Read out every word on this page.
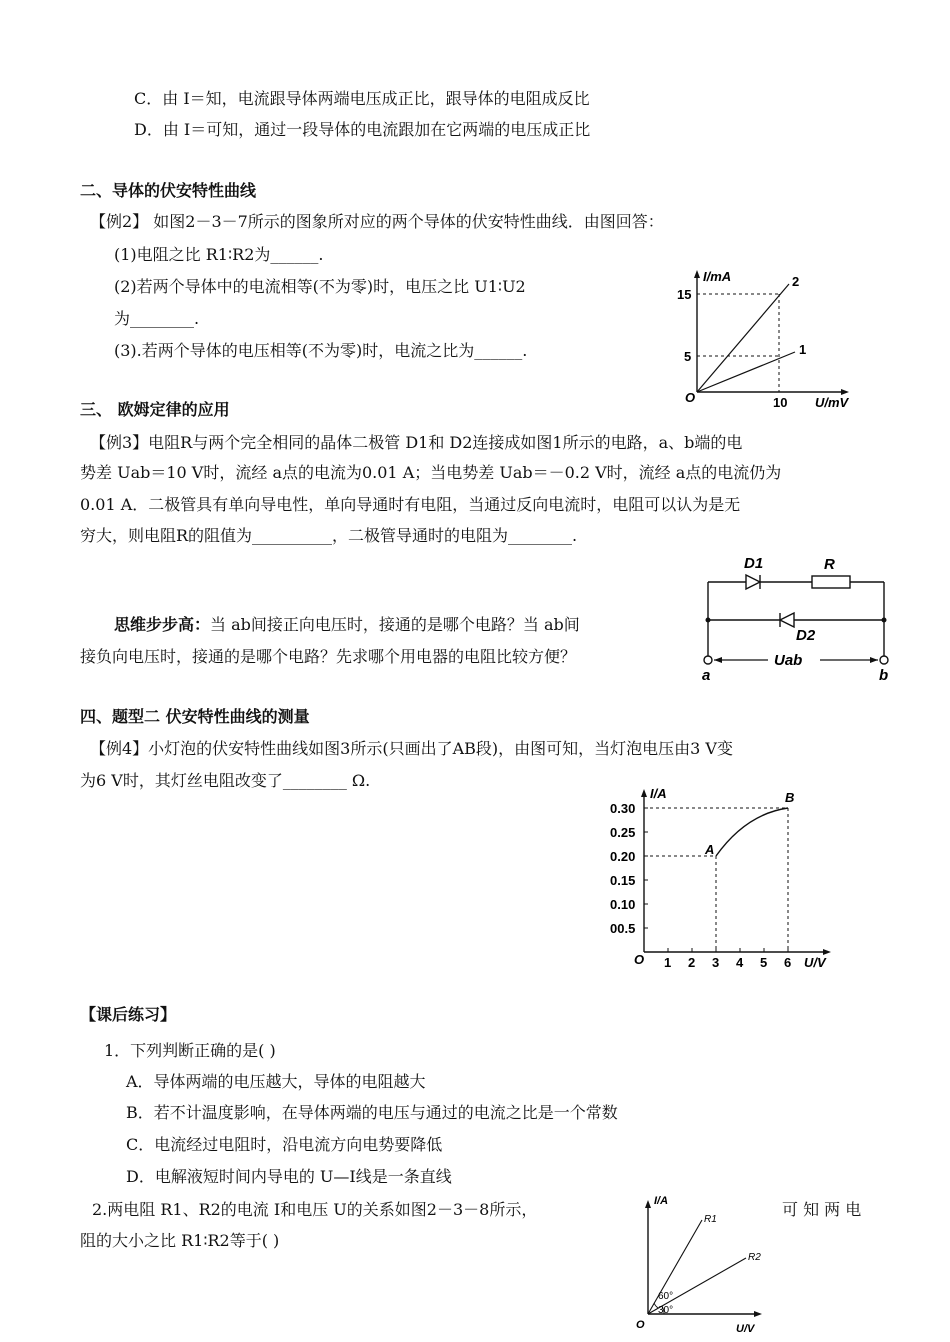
C．由 I＝知，电流跟导体两端电压成正比，跟导体的电阻成反比
D．由 I＝可知，通过一段导体的电流跟加在它两端的电压成正比
二、导体的伏安特性曲线
【例2】 如图2－3－7所示的图象所对应的两个导体的伏安特性曲线．由图回答：
(1)电阻之比 R1∶R2为______.
(2)若两个导体中的电流相等(不为零)时，电压之比 U1∶U2
为________.
(3).若两个导体的电压相等(不为零)时，电流之比为______.
三、 欧姆定律的应用
【例3】电阻R与两个完全相同的晶体二极管 D1和 D2连接成如图1所示的电路，a、b端的电
势差 Uab＝10 V时，流经 a点的电流为0.01 A；当电势差 Uab＝－0.2 V时，流经 a点的电流仍为
0.01 A．二极管具有单向导电性，单向导通时有电阻，当通过反向电流时，电阻可以认为是无
穷大，则电阻R的阻值为__________，二极管导通时的电阻为________.
思维步步高：当 ab间接正向电压时，接通的是哪个电路？当 ab间
接负向电压时，接通的是哪个电路？先求哪个用电器的电阻比较方便？
四、题型二 伏安特性曲线的测量
【例4】小灯泡的伏安特性曲线如图3所示(只画出了AB段)，由图可知，当灯泡电压由3 V变
为6 V时，其灯丝电阻改变了________ Ω.
【课后练习】
1．下列判断正确的是( )
A．导体两端的电压越大，导体的电阻越大
B．若不计温度影响，在导体两端的电压与通过的电流之比是一个常数
C．电流经过电阻时，沿电流方向电势要降低
D．电解液短时间内导电的 U—I线是一条直线
2.两电阻 R1、R2的电流 I和电压 U的关系如图2－3－8所示，	可 知 两 电
阻的大小之比 R1∶R2等于( )
I/mA
U/mV
O
15
5
10
2
1
D1	R
D2
Uab
a	b
I/A
U/V
O
0.30
0.25
0.20
0.15
0.10
00.5
1 2 3 4 5 6
A
B
I/A
U/V
O
R1
R2
60°
30°
